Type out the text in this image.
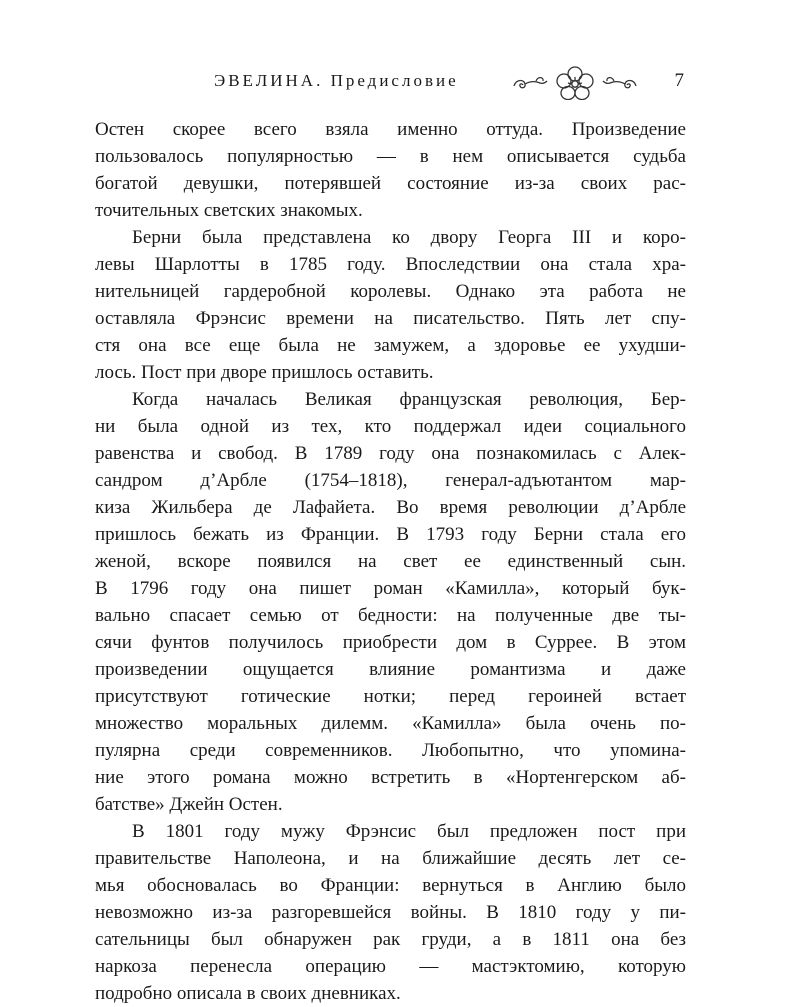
ЭВЕЛИНА. Предисловие	7
Остен скорее всего взяла именно оттуда. Произведение
пользовалось популярностью — в нем описывается судьба
богатой девушки, потерявшей состояние из-за своих рас-
точительных светских знакомых.
Берни была представлена ко двору Георга III и коро-
левы Шарлотты в 1785 году. Впоследствии она стала хра-
нительницей гардеробной королевы. Однако эта работа не
оставляла Фрэнсис времени на писательство. Пять лет спу-
стя она все еще была не замужем, а здоровье ее ухудши-
лось. Пост при дворе пришлось оставить.
Когда началась Великая французская революция, Бер-
ни была одной из тех, кто поддержал идеи социального
равенства и свобод. В 1789 году она познакомилась с Алек-
сандром д’Арбле (1754–1818), генерал-адъютантом мар-
киза Жильбера де Лафайета. Во время революции д’Арбле
пришлось бежать из Франции. В 1793 году Берни стала его
женой, вскоре появился на свет ее единственный сын.
В 1796 году она пишет роман «Камилла», который бук-
вально спасает семью от бедности: на полученные две ты-
сячи фунтов получилось приобрести дом в Суррее. В этом
произведении ощущается влияние романтизма и даже
присутствуют готические нотки; перед героиней встает
множество моральных дилемм. «Камилла» была очень по-
пулярна среди современников. Любопытно, что упомина-
ние этого романа можно встретить в «Нортенгерском аб-
батстве» Джейн Остен.
В 1801 году мужу Фрэнсис был предложен пост при
правительстве Наполеона, и на ближайшие десять лет се-
мья обосновалась во Франции: вернуться в Англию было
невозможно из-за разгоревшейся войны. В 1810 году у пи-
сательницы был обнаружен рак груди, а в 1811 она без
наркоза перенесла операцию — мастэктомию, которую
подробно описала в своих дневниках.
